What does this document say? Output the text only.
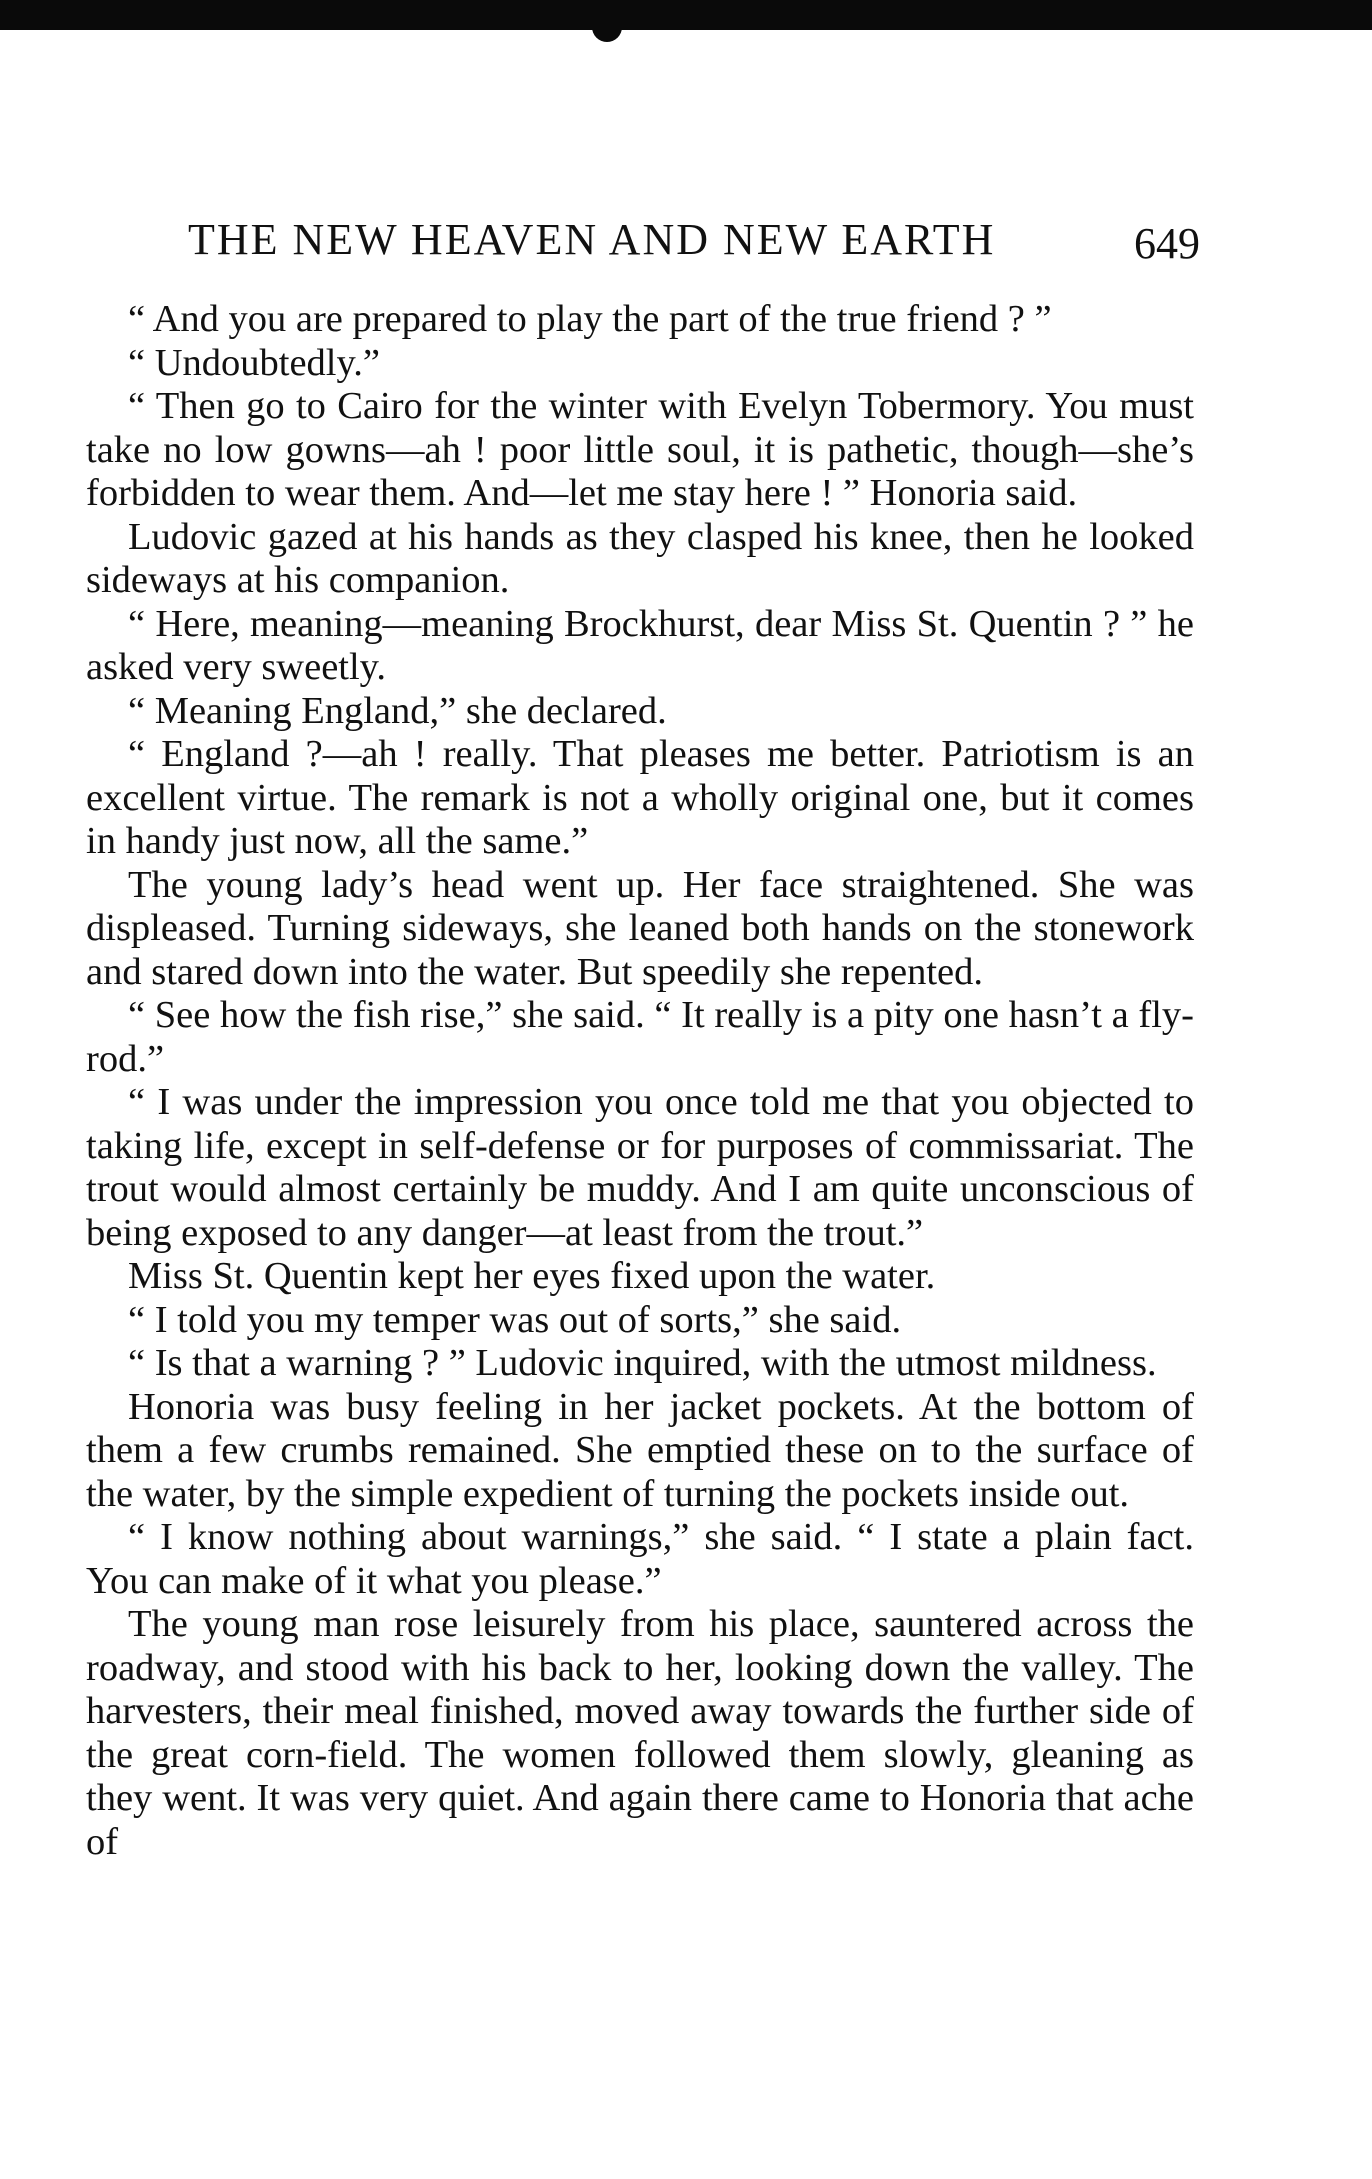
THE NEW HEAVEN AND NEW EARTH	649

“ And you are prepared to play the part of the true friend ? ”

“ Undoubtedly.”

“ Then go to Cairo for the winter with Evelyn Tobermory. You must take no low gowns—ah ! poor little soul, it is pathetic, though—she’s forbidden to wear them. And—let me stay here ! ” Honoria said.

Ludovic gazed at his hands as they clasped his knee, then he looked sideways at his companion.

“ Here, meaning—meaning Brockhurst, dear Miss St. Quentin ? ” he asked very sweetly.

“ Meaning England,” she declared.

“ England ?—ah ! really. That pleases me better. Patriotism is an excellent virtue. The remark is not a wholly original one, but it comes in handy just now, all the same.”

The young lady’s head went up. Her face straightened. She was displeased. Turning sideways, she leaned both hands on the stonework and stared down into the water. But speedily she repented.

“ See how the fish rise,” she said. “ It really is a pity one hasn’t a fly-rod.”

“ I was under the impression you once told me that you objected to taking life, except in self-defense or for purposes of commissariat. The trout would almost certainly be muddy. And I am quite unconscious of being exposed to any danger—at least from the trout.”

Miss St. Quentin kept her eyes fixed upon the water.

“ I told you my temper was out of sorts,” she said.

“ Is that a warning ? ” Ludovic inquired, with the utmost mildness.

Honoria was busy feeling in her jacket pockets. At the bottom of them a few crumbs remained. She emptied these on to the surface of the water, by the simple expedient of turning the pockets inside out.

“ I know nothing about warnings,” she said. “ I state a plain fact. You can make of it what you please.”

The young man rose leisurely from his place, sauntered across the roadway, and stood with his back to her, looking down the valley. The harvesters, their meal finished, moved away towards the further side of the great corn-field. The women followed them slowly, gleaning as they went. It was very quiet. And again there came to Honoria that ache of
